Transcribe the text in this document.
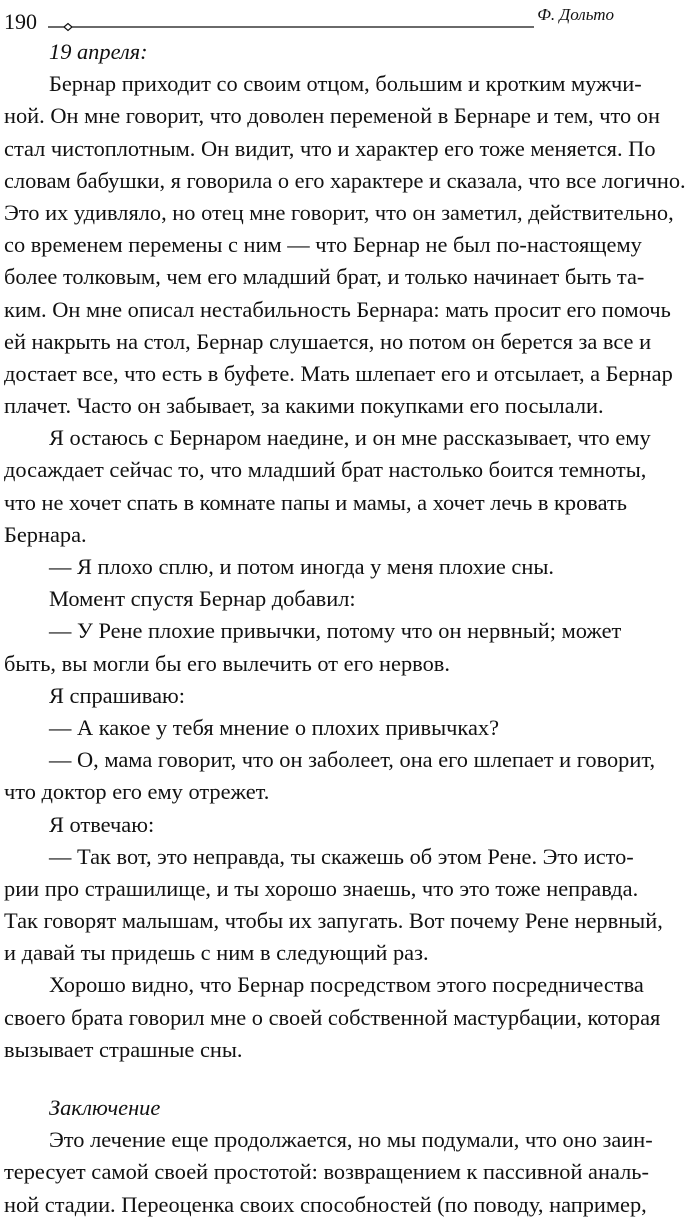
190	Ф. Дольто
19 апреля:
Бернар приходит со своим отцом, большим и кротким мужчи-
ной. Он мне говорит, что доволен переменой в Бернаре и тем, что он
стал чистоплотным. Он видит, что и характер его тоже меняется. По
словам бабушки, я говорила о его характере и сказала, что все логично.
Это их удивляло, но отец мне говорит, что он заметил, действительно,
со временем перемены с ним — что Бернар не был по-настоящему
более толковым, чем его младший брат, и только начинает быть та-
ким. Он мне описал нестабильность Бернара: мать просит его помочь
ей накрыть на стол, Бернар слушается, но потом он берется за все и
достает все, что есть в буфете. Мать шлепает его и отсылает, а Бернар
плачет. Часто он забывает, за какими покупками его посылали.
Я остаюсь с Бернаром наедине, и он мне рассказывает, что ему
досаждает сейчас то, что младший брат настолько боится темноты,
что не хочет спать в комнате папы и мамы, а хочет лечь в кровать
Бернара.
— Я плохо сплю, и потом иногда у меня плохие сны.
Момент спустя Бернар добавил:
— У Рене плохие привычки, потому что он нервный; может
быть, вы могли бы его вылечить от его нервов.
Я спрашиваю:
— А какое у тебя мнение о плохих привычках?
— О, мама говорит, что он заболеет, она его шлепает и говорит,
что доктор его ему отрежет.
Я отвечаю:
— Так вот, это неправда, ты скажешь об этом Рене. Это исто-
рии про страшилище, и ты хорошо знаешь, что это тоже неправда.
Так говорят малышам, чтобы их запугать. Вот почему Рене нервный,
и давай ты придешь с ним в следующий раз.
Хорошо видно, что Бернар посредством этого посредничества
своего брата говорил мне о своей собственной мастурбации, которая
вызывает страшные сны.
Заключение
Это лечение еще продолжается, но мы подумали, что оно заин-
тересует самой своей простотой: возвращением к пассивной аналь-
ной стадии. Переоценка своих способностей (по поводу, например,
